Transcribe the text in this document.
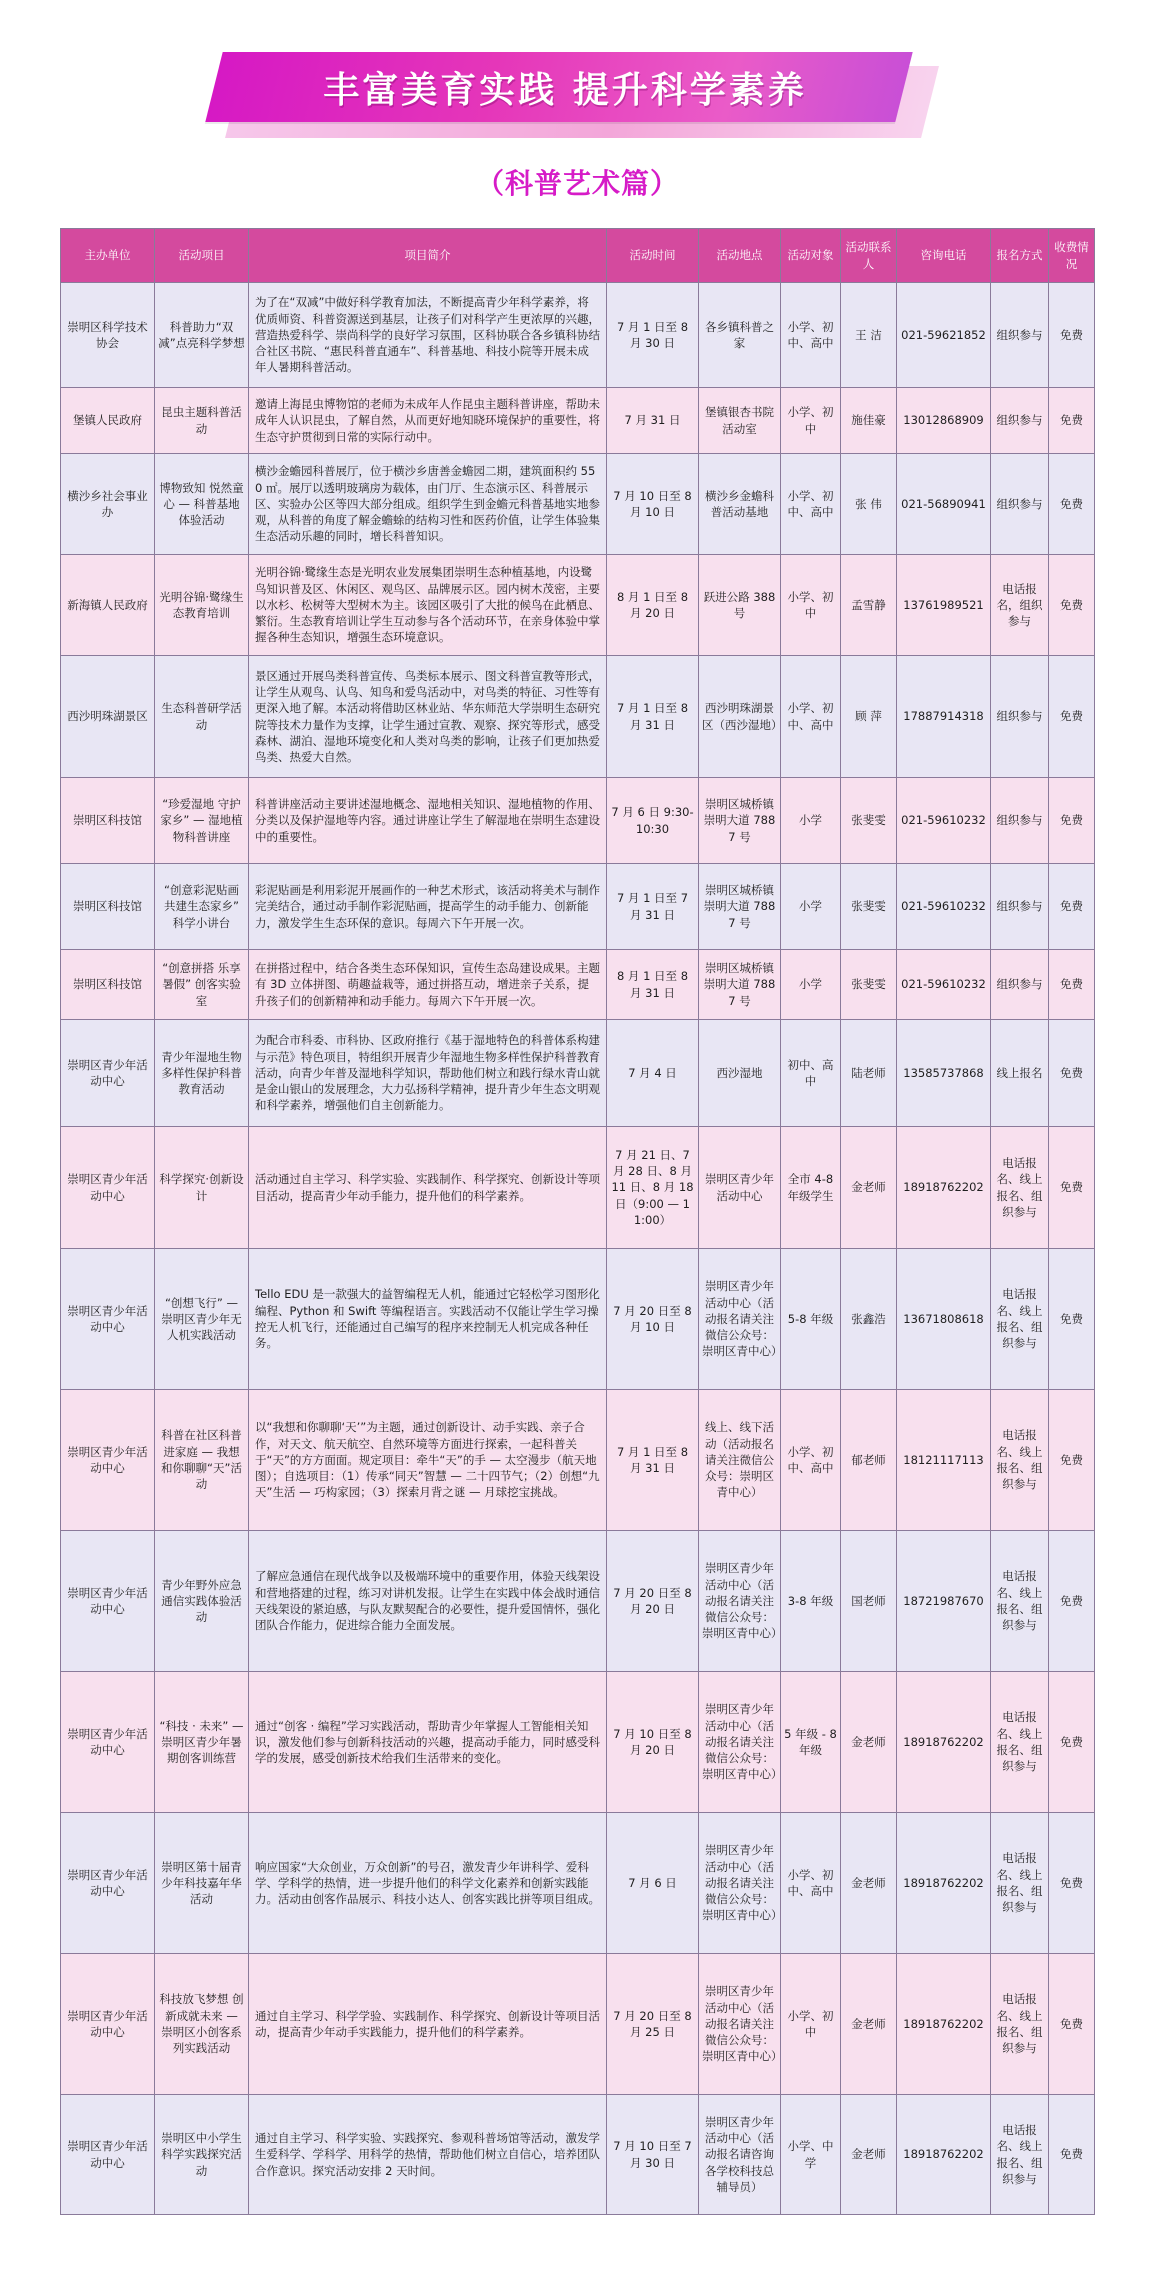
丰富美育实践 提升科学素养
（科普艺术篇）
主办单位	活动项目	项目简介	活动时间	活动地点	活动对象	活动联系人	咨询电话	报名方式	收费情况
崇明区科学技术协会	科普助力“双减”点亮科学梦想	为了在“双减”中做好科学教育加法，不断提高青少年科学素养，将优质师资、科普资源送到基层，让孩子们对科学产生更浓厚的兴趣，营造热爱科学、崇尚科学的良好学习氛围，区科协联合各乡镇科协结合社区书院、“惠民科普直通车”、科普基地、科技小院等开展未成年人暑期科普活动。	7 月 1 日至 8 月 30 日	各乡镇科普之家	小学、初中、高中	王 洁	021-59621852	组织参与	免费
堡镇人民政府	昆虫主题科普活动	邀请上海昆虫博物馆的老师为未成年人作昆虫主题科普讲座，帮助未成年人认识昆虫，了解自然，从而更好地知晓环境保护的重要性，将生态守护贯彻到日常的实际行动中。	7 月 31 日	堡镇银杏书院活动室	小学、初中	施佳豪	13012868909	组织参与	免费
横沙乡社会事业办	博物致知 悦然童心 — 科普基地体验活动	横沙金蟾园科普展厅，位于横沙乡唐善金蟾园二期，建筑面积约 550 ㎡。展厅以透明玻璃房为载体，由门厅、生态演示区、科普展示区、实验办公区等四大部分组成。组织学生到金蟾元科普基地实地参观，从科普的角度了解金蟾蜍的结构习性和医药价值，让学生体验集生态活动乐趣的同时，增长科普知识。	7 月 10 日至 8 月 10 日	横沙乡金蟾科普活动基地	小学、初中、高中	张 伟	021-56890941	组织参与	免费
新海镇人民政府	光明谷锦·鹭缘生态教育培训	光明谷锦·鹭缘生态是光明农业发展集团崇明生态种植基地，内设鹭鸟知识普及区、休闲区、观鸟区、品牌展示区。园内树木茂密，主要以水杉、松树等大型树木为主。该园区吸引了大批的候鸟在此栖息、繁衍。生态教育培训让学生互动参与各个活动环节，在亲身体验中掌握各种生态知识，增强生态环境意识。	8 月 1 日至 8 月 20 日	跃进公路 388 号	小学、初中	孟雪静	13761989521	电话报名，组织参与	免费
西沙明珠湖景区	生态科普研学活动	景区通过开展鸟类科普宣传、鸟类标本展示、图文科普宣教等形式，让学生从观鸟、认鸟、知鸟和爱鸟活动中，对鸟类的特征、习性等有更深入地了解。本活动将借助区林业站、华东师范大学崇明生态研究院等技术力量作为支撑，让学生通过宣教、观察、探究等形式，感受森林、湖泊、湿地环境变化和人类对鸟类的影响，让孩子们更加热爱鸟类、热爱大自然。	7 月 1 日至 8 月 31 日	西沙明珠湖景区（西沙湿地）	小学、初中、高中	顾 萍	17887914318	组织参与	免费
崇明区科技馆	“珍爱湿地 守护家乡” — 湿地植物科普讲座	科普讲座活动主要讲述湿地概念、湿地相关知识、湿地植物的作用、分类以及保护湿地等内容。通过讲座让学生了解湿地在崇明生态建设中的重要性。	7 月 6 日 9:30-10:30	崇明区城桥镇崇明大道 7887 号	小学	张斐雯	021-59610232	组织参与	免费
崇明区科技馆	“创意彩泥贴画 共建生态家乡” 科学小讲台	彩泥贴画是利用彩泥开展画作的一种艺术形式，该活动将美术与制作完美结合，通过动手制作彩泥贴画，提高学生的动手能力、创新能力，激发学生生态环保的意识。每周六下午开展一次。	7 月 1 日至 7 月 31 日	崇明区城桥镇崇明大道 7887 号	小学	张斐雯	021-59610232	组织参与	免费
崇明区科技馆	“创意拼搭 乐享暑假” 创客实验室	在拼搭过程中，结合各类生态环保知识，宣传生态岛建设成果。主题有 3D 立体拼图、萌趣益栽等，通过拼搭互动，增进亲子关系，提升孩子们的创新精神和动手能力。每周六下午开展一次。	8 月 1 日至 8 月 31 日	崇明区城桥镇崇明大道 7887 号	小学	张斐雯	021-59610232	组织参与	免费
崇明区青少年活动中心	青少年湿地生物多样性保护科普教育活动	为配合市科委、市科协、区政府推行《基于湿地特色的科普体系构建与示范》特色项目，特组织开展青少年湿地生物多样性保护科普教育活动，向青少年普及湿地科学知识，帮助他们树立和践行绿水青山就是金山银山的发展理念，大力弘扬科学精神，提升青少年生态文明观和科学素养，增强他们自主创新能力。	7 月 4 日	西沙湿地	初中、高中	陆老师	13585737868	线上报名	免费
崇明区青少年活动中心	科学探究·创新设计	活动通过自主学习、科学实验、实践制作、科学探究、创新设计等项目活动，提高青少年动手能力，提升他们的科学素养。	7 月 21 日、7 月 28 日、8 月 11 日、8 月 18 日（9:00 — 11:00）	崇明区青少年活动中心	全市 4-8 年级学生	金老师	18918762202	电话报名、线上报名、组织参与	免费
崇明区青少年活动中心	“创想飞行” — 崇明区青少年无人机实践活动	Tello EDU 是一款强大的益智编程无人机，能通过它轻松学习图形化编程、Python 和 Swift 等编程语言。实践活动不仅能让学生学习操控无人机飞行，还能通过自己编写的程序来控制无人机完成各种任务。	7 月 20 日至 8 月 10 日	崇明区青少年活动中心（活动报名请关注微信公众号：崇明区青中心）	5-8 年级	张鑫浩	13671808618	电话报名、线上报名、组织参与	免费
崇明区青少年活动中心	科普在社区科普进家庭 — 我想和你聊聊“天”活动	以“我想和你聊聊‘天’”为主题，通过创新设计、动手实践、亲子合作，对天文、航天航空、自然环境等方面进行探索，一起科普关于“天”的方方面面。规定项目：牵牛“天”的手 — 太空漫步（航天地图）；自选项目：（1）传承“同天”智慧 — 二十四节气；（2）创想“九天”生活 — 巧构家园；（3）探索月背之谜 — 月球挖宝挑战。	7 月 1 日至 8 月 31 日	线上、线下活动（活动报名请关注微信公众号：崇明区青中心）	小学、初中、高中	郁老师	18121117113	电话报名、线上报名、组织参与	免费
崇明区青少年活动中心	青少年野外应急通信实践体验活动	了解应急通信在现代战争以及极端环境中的重要作用，体验天线架设和营地搭建的过程，练习对讲机发报。让学生在实践中体会战时通信天线架设的紧迫感，与队友默契配合的必要性，提升爱国情怀，强化团队合作能力，促进综合能力全面发展。	7 月 20 日至 8 月 20 日	崇明区青少年活动中心（活动报名请关注微信公众号：崇明区青中心）	3-8 年级	国老师	18721987670	电话报名、线上报名、组织参与	免费
崇明区青少年活动中心	“科技 · 未来” — 崇明区青少年暑期创客训练营	通过“创客 · 编程”学习实践活动，帮助青少年掌握人工智能相关知识，激发他们参与创新科技活动的兴趣，提高动手能力，同时感受科学的发展，感受创新技术给我们生活带来的变化。	7 月 10 日至 8 月 20 日	崇明区青少年活动中心（活动报名请关注微信公众号：崇明区青中心）	5 年级 - 8 年级	金老师	18918762202	电话报名、线上报名、组织参与	免费
崇明区青少年活动中心	崇明区第十届青少年科技嘉年华活动	响应国家“大众创业，万众创新”的号召，激发青少年讲科学、爱科学、学科学的热情，进一步提升他们的科学文化素养和创新实践能力。活动由创客作品展示、科技小达人、创客实践比拼等项目组成。	7 月 6 日	崇明区青少年活动中心（活动报名请关注微信公众号：崇明区青中心）	小学、初中、高中	金老师	18918762202	电话报名、线上报名、组织参与	免费
崇明区青少年活动中心	科技放飞梦想 创新成就未来 — 崇明区小创客系列实践活动	通过自主学习、科学学验、实践制作、科学探究、创新设计等项目活动，提高青少年动手实践能力，提升他们的科学素养。	7 月 20 日至 8 月 25 日	崇明区青少年活动中心（活动报名请关注微信公众号：崇明区青中心）	小学、初中	金老师	18918762202	电话报名、线上报名、组织参与	免费
崇明区青少年活动中心	崇明区中小学生科学实践探究活动	通过自主学习、科学实验、实践探究、参观科普场馆等活动，激发学生爱科学、学科学、用科学的热情，帮助他们树立自信心，培养团队合作意识。探究活动安排 2 天时间。	7 月 10 日至 7 月 30 日	崇明区青少年活动中心（活动报名请咨询各学校科技总辅导员）	小学、中学	金老师	18918762202	电话报名、线上报名、组织参与	免费
